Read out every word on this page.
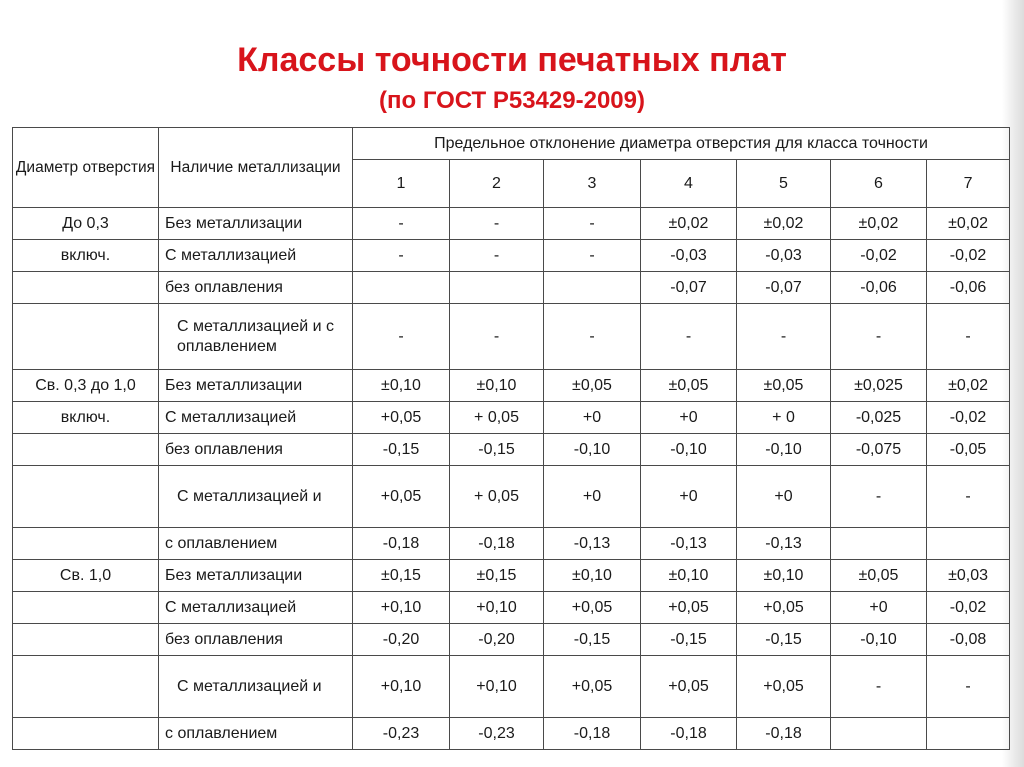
Классы точности печатных плат
(по ГОСТ Р53429-2009)
Диаметр отверстия	Наличие металлизации	Предельное отклонение диаметра отверстия для класса точности						
		1	2	3	4	5	6	7
До 0,3	Без металлизации	-	-	-	±0,02	±0,02	±0,02	±0,02
включ.	С металлизацией	-	-	-	-0,03	-0,03	-0,02	-0,02
	без оплавления				-0,07	-0,07	-0,06	-0,06
	С металлизацией и с оплавлением	-	-	-	-	-	-	-
Св. 0,3 до 1,0	Без металлизации	±0,10	±0,10	±0,05	±0,05	±0,05	±0,025	±0,02
включ.	С металлизацией	+0,05	+ 0,05	+0	+0	+ 0	-0,025	-0,02
	без оплавления	-0,15	-0,15	-0,10	-0,10	-0,10	-0,075	-0,05
	С металлизацией и	+0,05	+ 0,05	+0	+0	+0	-	-
	с оплавлением	-0,18	-0,18	-0,13	-0,13	-0,13		
Св. 1,0	Без металлизации	±0,15	±0,15	±0,10	±0,10	±0,10	±0,05	±0,03
	С металлизацией	+0,10	+0,10	+0,05	+0,05	+0,05	+0	-0,02
	без оплавления	-0,20	-0,20	-0,15	-0,15	-0,15	-0,10	-0,08
	С металлизацией и	+0,10	+0,10	+0,05	+0,05	+0,05	-	-
	с оплавлением	-0,23	-0,23	-0,18	-0,18	-0,18		
